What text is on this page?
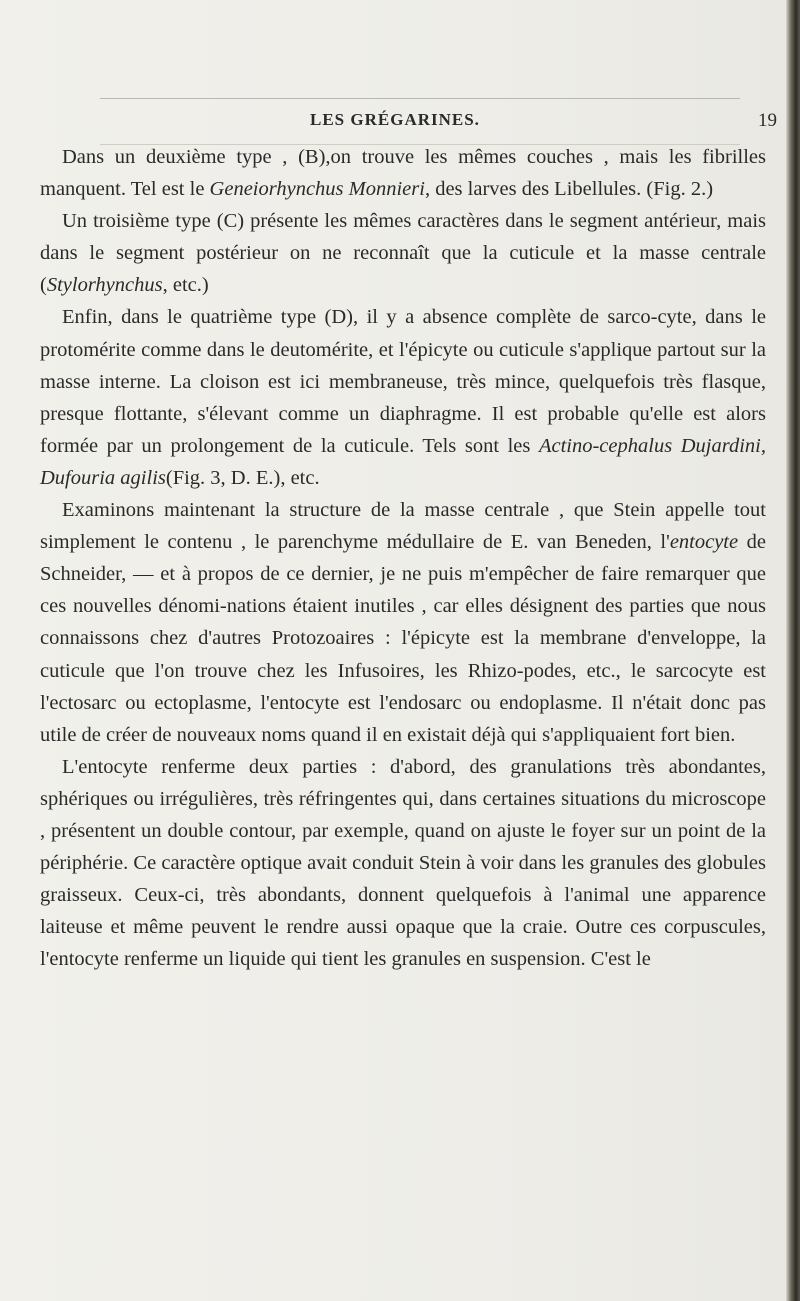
LES GRÉGARINES.	19

Dans un deuxième type , (B),on trouve les mêmes couches , mais les fibrilles manquent. Tel est le Geneiorhynchus Monnieri, des larves des Libellules. (Fig. 2.)

Un troisième type (C) présente les mêmes caractères dans le segment antérieur, mais dans le segment postérieur on ne reconnaît que la cuticule et la masse centrale (Stylorhynchus, etc.)

Enfin, dans le quatrième type (D), il y a absence complète de sarco-cyte, dans le protomérite comme dans le deutomérite, et l'épicyte ou cuticule s'applique partout sur la masse interne. La cloison est ici membraneuse, très mince, quelquefois très flasque, presque flottante, s'élevant comme un diaphragme. Il est probable qu'elle est alors formée par un prolongement de la cuticule. Tels sont les Actino-cephalus Dujardini, Dufouria agilis(Fig. 3, D. E.), etc.

Examinons maintenant la structure de la masse centrale , que Stein appelle tout simplement le contenu , le parenchyme médullaire de E. van Beneden, l'entocyte de Schneider, — et à propos de ce dernier, je ne puis m'empêcher de faire remarquer que ces nouvelles dénomi-nations étaient inutiles , car elles désignent des parties que nous connaissons chez d'autres Protozoaires : l'épicyte est la membrane d'enveloppe, la cuticule que l'on trouve chez les Infusoires, les Rhizo-podes, etc., le sarcocyte est l'ectosarc ou ectoplasme, l'entocyte est l'endosarc ou endoplasme. Il n'était donc pas utile de créer de nouveaux noms quand il en existait déjà qui s'appliquaient fort bien.

L'entocyte renferme deux parties : d'abord, des granulations très abondantes, sphériques ou irrégulières, très réfringentes qui, dans certaines situations du microscope , présentent un double contour, par exemple, quand on ajuste le foyer sur un point de la périphérie. Ce caractère optique avait conduit Stein à voir dans les granules des globules graisseux. Ceux-ci, très abondants, donnent quelquefois à l'animal une apparence laiteuse et même peuvent le rendre aussi opaque que la craie. Outre ces corpuscules, l'entocyte renferme un liquide qui tient les granules en suspension. C'est le
